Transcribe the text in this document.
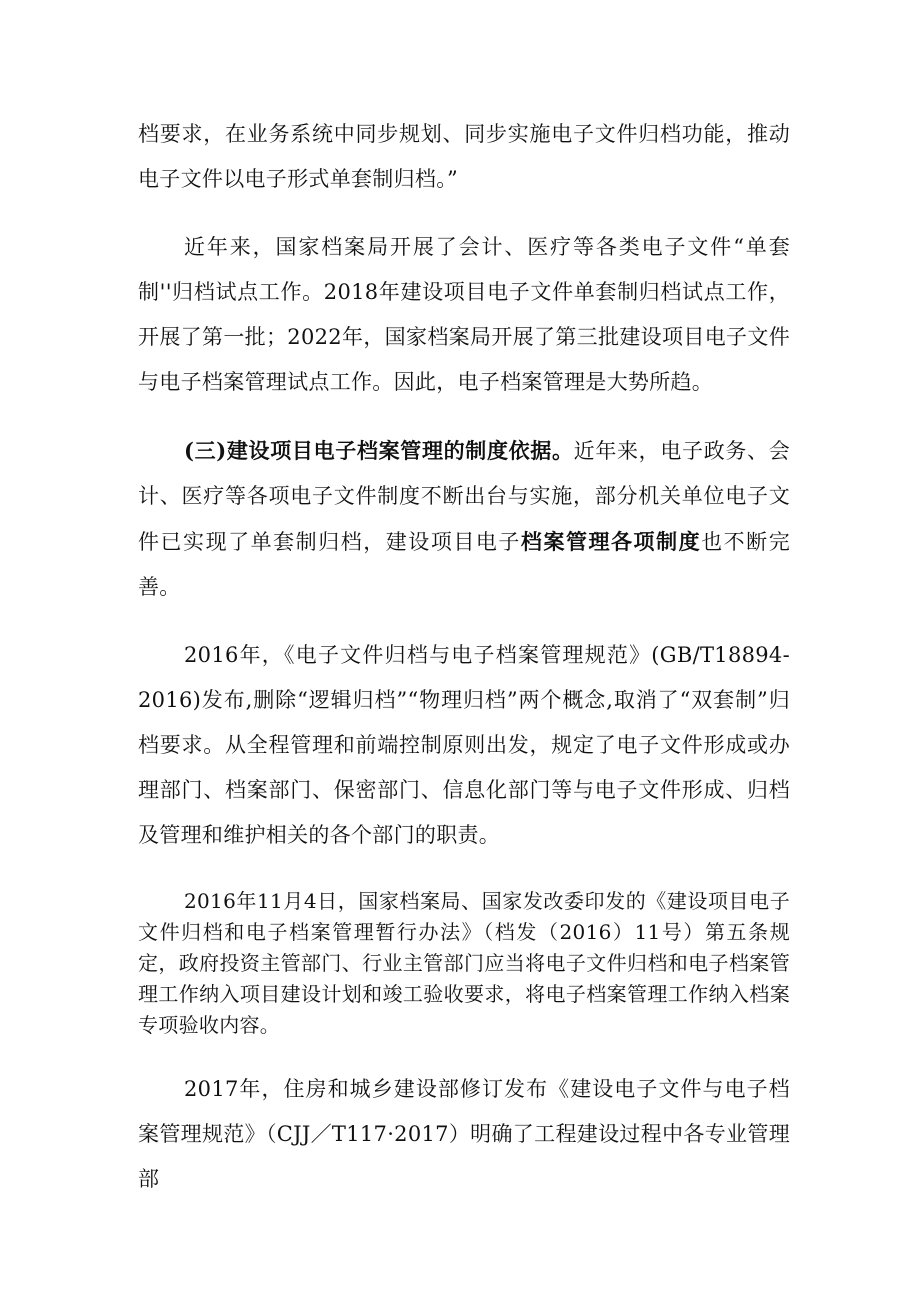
档要求，在业务系统中同步规划、同步实施电子文件归档功能，推动电子文件以电子形式单套制归档。”

近年来，国家档案局开展了会计、医疗等各类电子文件“单套制''归档试点工作。2018年建设项目电子文件单套制归档试点工作，开展了第一批；2022年，国家档案局开展了第三批建设项目电子文件与电子档案管理试点工作。因此，电子档案管理是大势所趋。

(三)建设项目电子档案管理的制度依据。近年来，电子政务、会计、医疗等各项电子文件制度不断出台与实施，部分机关单位电子文件已实现了单套制归档，建设项目电子档案管理各项制度也不断完善。

2016年，《电子文件归档与电子档案管理规范》(GB/T18894-2016)发布,删除“逻辑归档”“物理归档”两个概念,取消了“双套制”归档要求。从全程管理和前端控制原则出发，规定了电子文件形成或办理部门、档案部门、保密部门、信息化部门等与电子文件形成、归档及管理和维护相关的各个部门的职责。

2016年11月4日，国家档案局、国家发改委印发的《建设项目电子文件归档和电子档案管理暂行办法》（档发（2016）11号）第五条规定，政府投资主管部门、行业主管部门应当将电子文件归档和电子档案管理工作纳入项目建设计划和竣工验收要求，将电子档案管理工作纳入档案专项验收内容。

2017年，住房和城乡建设部修订发布《建设电子文件与电子档案管理规范》（CJJ／T117·2017）明确了工程建设过程中各专业管理部
